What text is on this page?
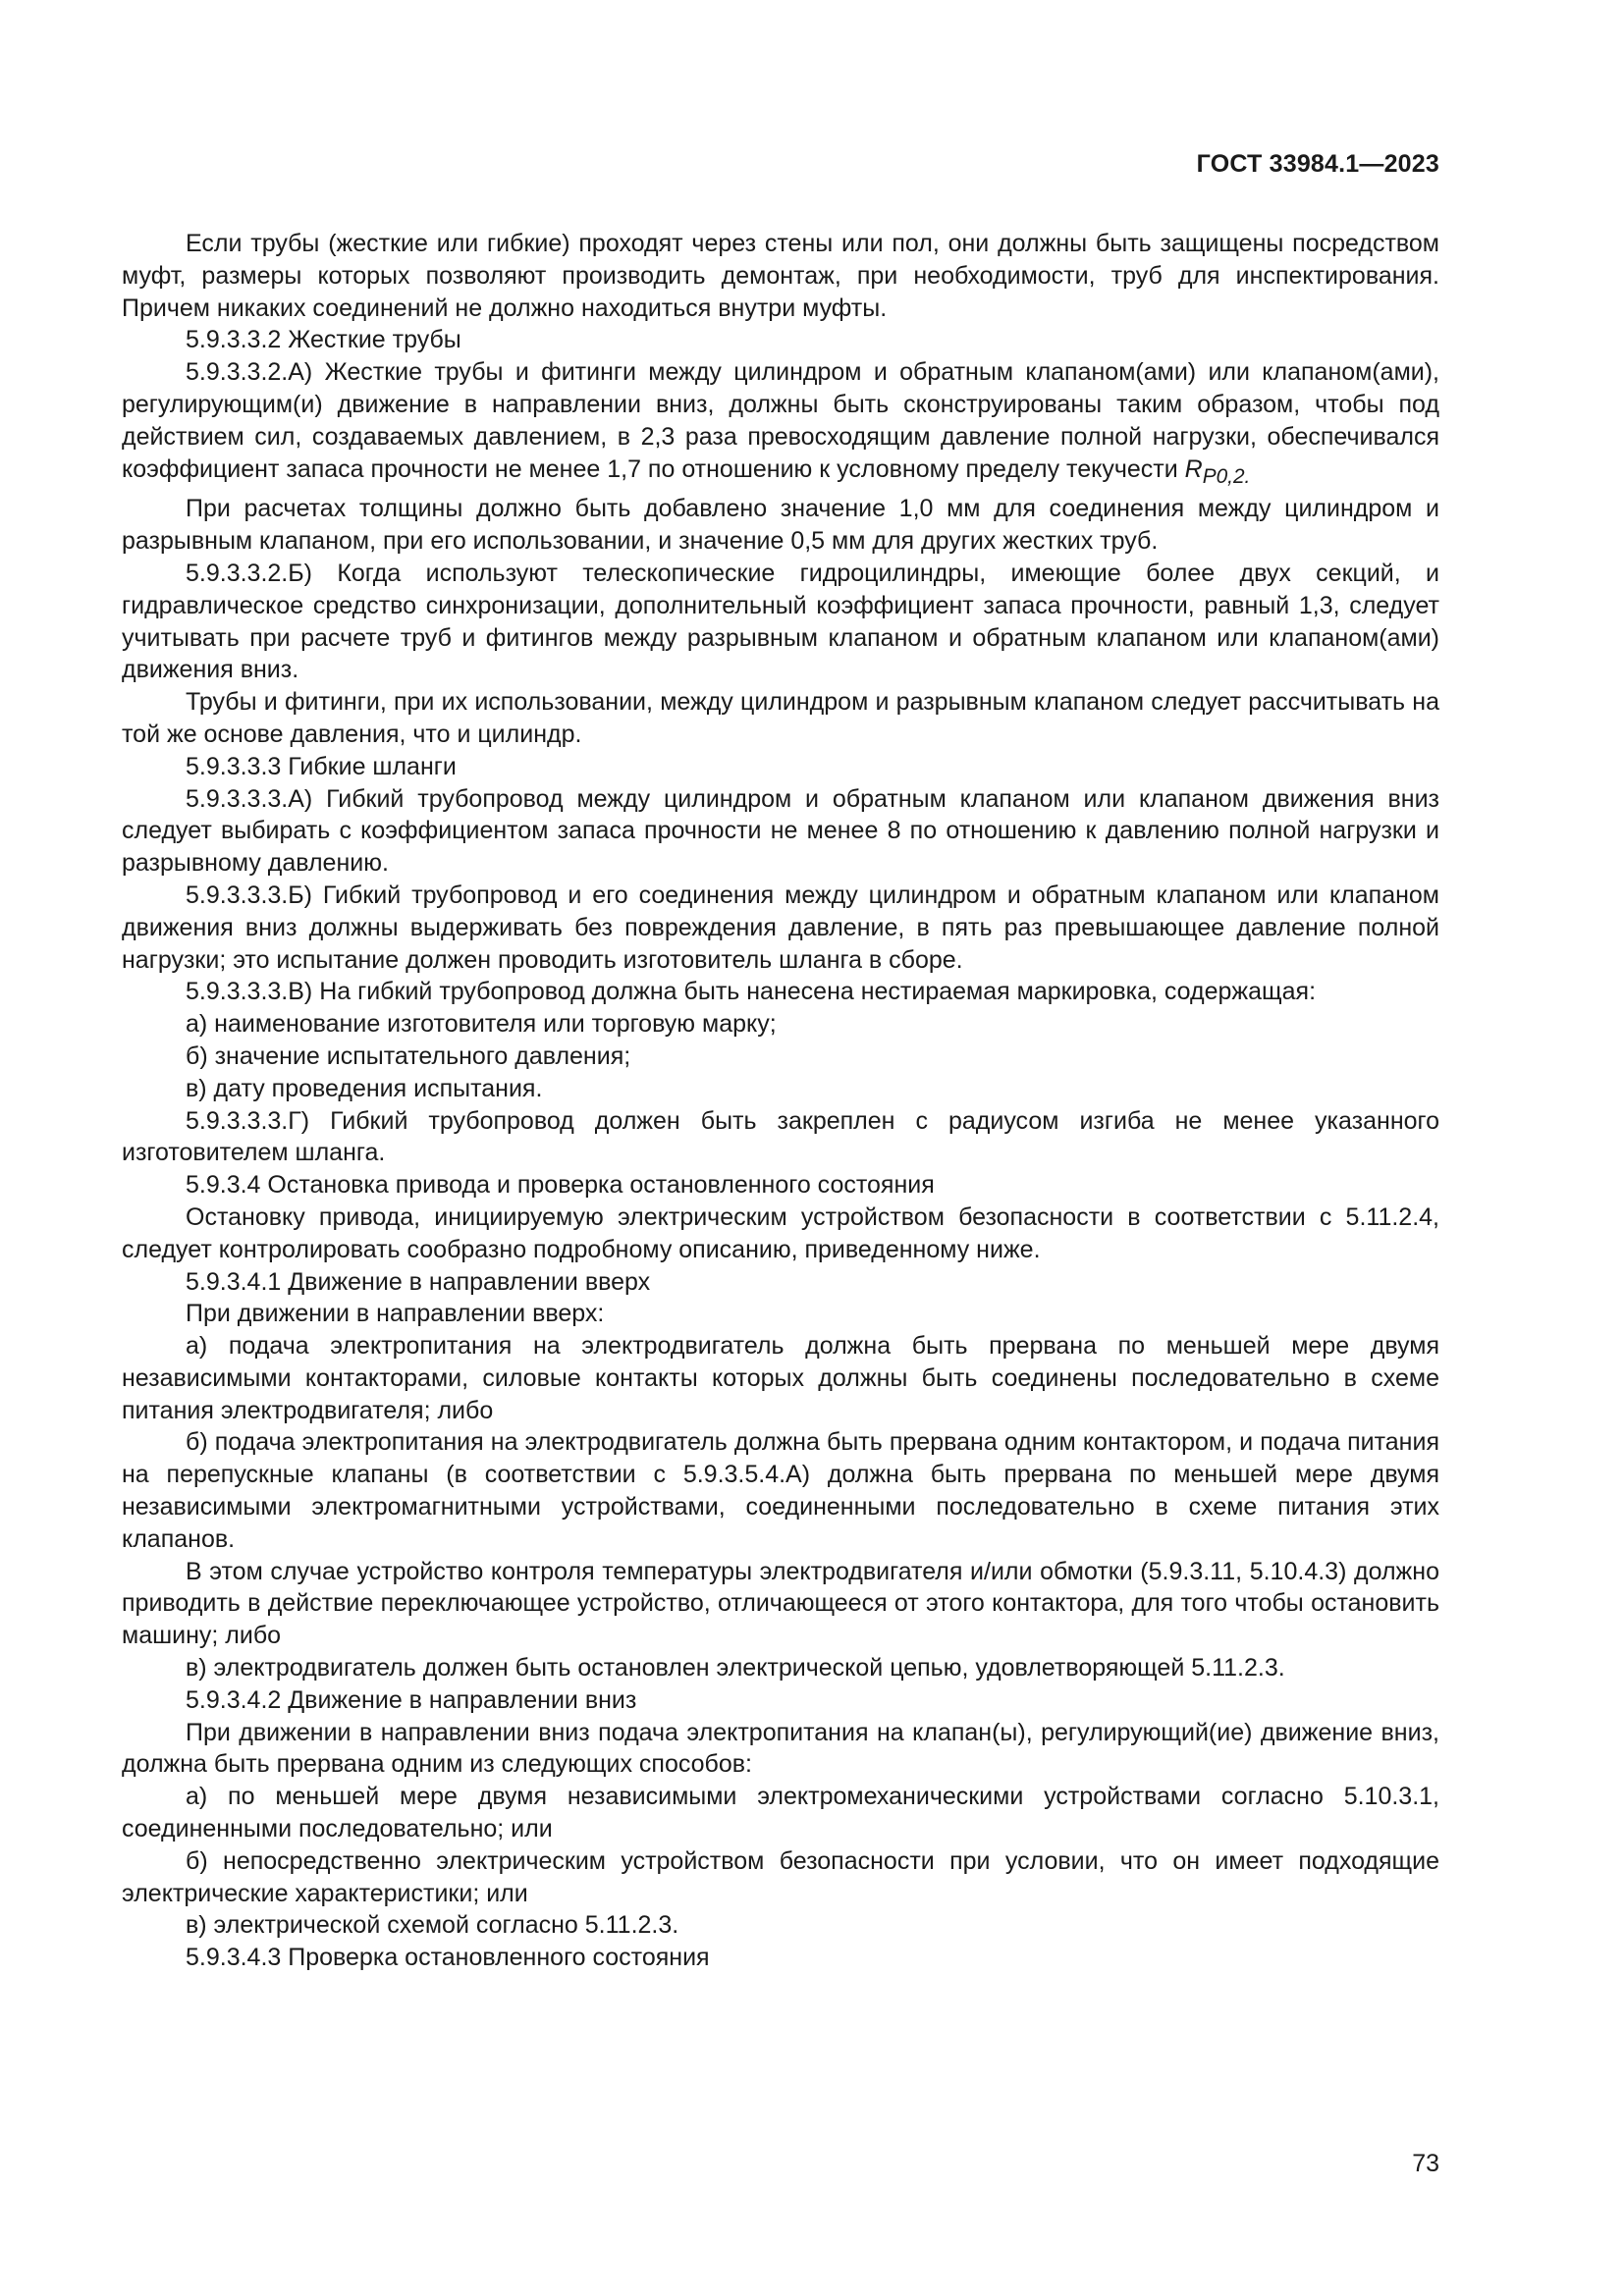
ГОСТ 33984.1—2023

Если трубы (жесткие или гибкие) проходят через стены или пол, они должны быть защищены посредством муфт, размеры которых позволяют производить демонтаж, при необходимости, труб для инспектирования. Причем никаких соединений не должно находиться внутри муфты.

5.9.3.3.2 Жесткие трубы

5.9.3.3.2.А) Жесткие трубы и фитинги между цилиндром и обратным клапаном(ами) или клапаном(ами), регулирующим(и) движение в направлении вниз, должны быть сконструированы таким образом, чтобы под действием сил, создаваемых давлением, в 2,3 раза превосходящим давление полной нагрузки, обеспечивался коэффициент запаса прочности не менее 1,7 по отношению к условному пределу текучести $R_{P0,2.}$

При расчетах толщины должно быть добавлено значение 1,0 мм для соединения между цилиндром и разрывным клапаном, при его использовании, и значение 0,5 мм для других жестких труб.

5.9.3.3.2.Б) Когда используют телескопические гидроцилиндры, имеющие более двух секций, и гидравлическое средство синхронизации, дополнительный коэффициент запаса прочности, равный 1,3, следует учитывать при расчете труб и фитингов между разрывным клапаном и обратным клапаном или клапаном(ами) движения вниз.

Трубы и фитинги, при их использовании, между цилиндром и разрывным клапаном следует рассчитывать на той же основе давления, что и цилиндр.

5.9.3.3.3 Гибкие шланги

5.9.3.3.3.А) Гибкий трубопровод между цилиндром и обратным клапаном или клапаном движения вниз следует выбирать с коэффициентом запаса прочности не менее 8 по отношению к давлению полной нагрузки и разрывному давлению.

5.9.3.3.3.Б) Гибкий трубопровод и его соединения между цилиндром и обратным клапаном или клапаном движения вниз должны выдерживать без повреждения давление, в пять раз превышающее давление полной нагрузки; это испытание должен проводить изготовитель шланга в сборе.

5.9.3.3.3.В) На гибкий трубопровод должна быть нанесена нестираемая маркировка, содержащая:

а) наименование изготовителя или торговую марку;

б) значение испытательного давления;

в) дату проведения испытания.

5.9.3.3.3.Г) Гибкий трубопровод должен быть закреплен с радиусом изгиба не менее указанного изготовителем шланга.

5.9.3.4 Остановка привода и проверка остановленного состояния

Остановку привода, инициируемую электрическим устройством безопасности в соответствии с 5.11.2.4, следует контролировать сообразно подробному описанию, приведенному ниже.

5.9.3.4.1 Движение в направлении вверх

При движении в направлении вверх:

а) подача электропитания на электродвигатель должна быть прервана по меньшей мере двумя независимыми контакторами, силовые контакты которых должны быть соединены последовательно в схеме питания электродвигателя; либо

б) подача электропитания на электродвигатель должна быть прервана одним контактором, и подача питания на перепускные клапаны (в соответствии с 5.9.3.5.4.А) должна быть прервана по меньшей мере двумя независимыми электромагнитными устройствами, соединенными последовательно в схеме питания этих клапанов.

В этом случае устройство контроля температуры электродвигателя и/или обмотки (5.9.3.11, 5.10.4.3) должно приводить в действие переключающее устройство, отличающееся от этого контактора, для того чтобы остановить машину; либо

в) электродвигатель должен быть остановлен электрической цепью, удовлетворяющей 5.11.2.3.

5.9.3.4.2 Движение в направлении вниз

При движении в направлении вниз подача электропитания на клапан(ы), регулирующий(ие) движение вниз, должна быть прервана одним из следующих способов:

а) по меньшей мере двумя независимыми электромеханическими устройствами согласно 5.10.3.1, соединенными последовательно; или

б) непосредственно электрическим устройством безопасности при условии, что он имеет подходящие электрические характеристики; или

в) электрической схемой согласно 5.11.2.3.

5.9.3.4.3 Проверка остановленного состояния

73
